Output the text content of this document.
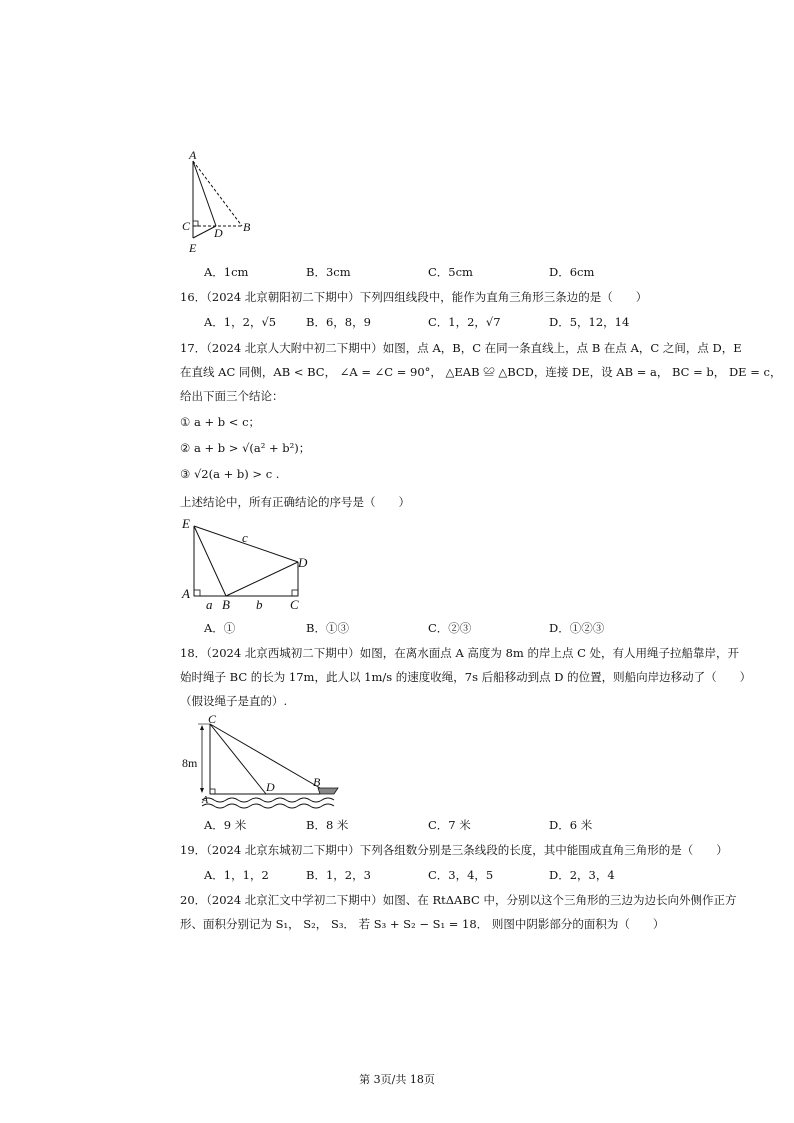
A
C D B
E
A．1cm	B．3cm	C．5cm	D．6cm
16．（2024 北京朝阳初二下期中）下列四组线段中，能作为直角三角形三条边的是（　　）
A．1，2，√5	B．6，8，9	C．1，2，√7	D．5，12，14
17．（2024 北京人大附中初二下期中）如图，点 A，B，C 在同一条直线上，点 B 在点 A，C 之间，点 D，E
在直线 AC 同侧，AB < BC， ∠A = ∠C = 90°， △EAB ≌ △BCD，连接 DE，设 AB = a， BC = b， DE = c，
给出下面三个结论：
① a + b < c；
② a + b > √(a² + b²)；
③ √2(a + b) > c .
上述结论中，所有正确结论的序号是（　　）
E
c
D
A
a B b C
A．①	B．①③	C．②③	D．①②③
18．（2024 北京西城初二下期中）如图，在离水面点 A 高度为 8m 的岸上点 C 处，有人用绳子拉船靠岸，开
始时绳子 BC 的长为 17m，此人以 1m/s 的速度收绳，7s 后船移动到点 D 的位置，则船向岸边移动了（　　）
（假设绳子是直的）.
C
8m
D	B
A
A．9 米	B．8 米	C．7 米	D．6 米
19．（2024 北京东城初二下期中）下列各组数分别是三条线段的长度，其中能围成直角三角形的是（　　）
A．1，1，2	B．1，2，3	C．3，4，5	D．2，3，4
20．（2024 北京汇文中学初二下期中）如图、在 RtΔABC 中，分别以这个三角形的三边为边长向外侧作正方
形、面积分别记为 S₁， S₂， S₃． 若 S₃ + S₂ − S₁ = 18． 则图中阴影部分的面积为（　　）
第 3页/共 18页
